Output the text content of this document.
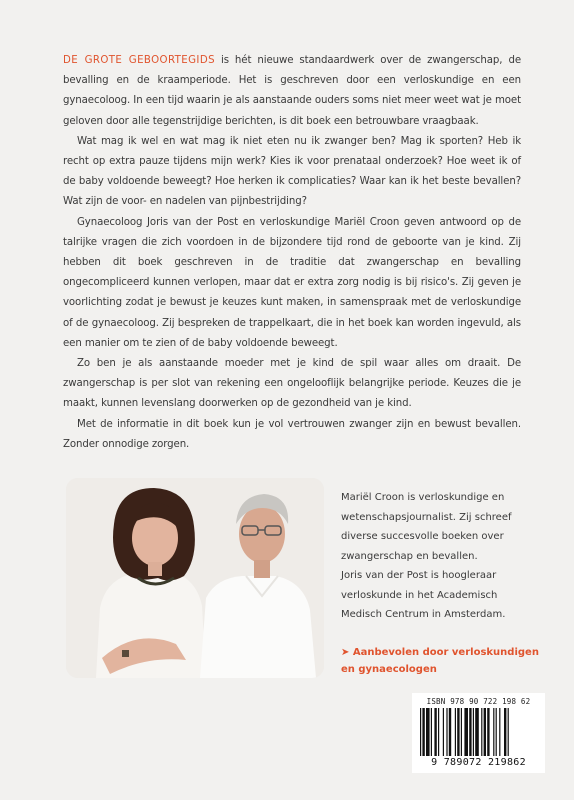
DE GROTE GEBOORTEGIDS is hét nieuwe standaardwerk over de zwangerschap, de bevalling en de kraamperiode. Het is geschreven door een verloskundige en een gynaecoloog. In een tijd waarin je als aanstaande ouders soms niet meer weet wat je moet geloven door alle tegenstrijdige berichten, is dit boek een betrouwbare vraagbaak.

Wat mag ik wel en wat mag ik niet eten nu ik zwanger ben? Mag ik sporten? Heb ik recht op extra pauze tijdens mijn werk? Kies ik voor prenataal onderzoek? Hoe weet ik of de baby voldoende beweegt? Hoe herken ik complicaties? Waar kan ik het beste bevallen? Wat zijn de voor- en nadelen van pijnbestrijding?

Gynaecoloog Joris van der Post en verloskundige Mariël Croon geven antwoord op de talrijke vragen die zich voordoen in de bijzondere tijd rond de geboorte van je kind. Zij hebben dit boek geschreven in de traditie dat zwangerschap en bevalling ongecompliceerd kunnen verlopen, maar dat er extra zorg nodig is bij risico's. Zij geven je voorlichting zodat je bewust je keuzes kunt maken, in samenspraak met de verloskundige of de gynaecoloog. Zij bespreken de trappelkaart, die in het boek kan worden ingevuld, als een manier om te zien of de baby voldoende beweegt.

Zo ben je als aanstaande moeder met je kind de spil waar alles om draait. De zwangerschap is per slot van rekening een ongelooflijk belangrijke periode. Keuzes die je maakt, kunnen levenslang doorwerken op de gezondheid van je kind.

Met de informatie in dit boek kun je vol vertrouwen zwanger zijn en bewust bevallen. Zonder onnodige zorgen.

Mariël Croon is verloskundige en wetenschapsjournalist. Zij schreef diverse succesvolle boeken over zwangerschap en bevallen.

Joris van der Post is hoogleraar verloskunde in het Academisch Medisch Centrum in Amsterdam.

➤ Aanbevolen door verloskundigen en gynaecologen
ISBN 978 90 722 198 62
9 789072 219862
